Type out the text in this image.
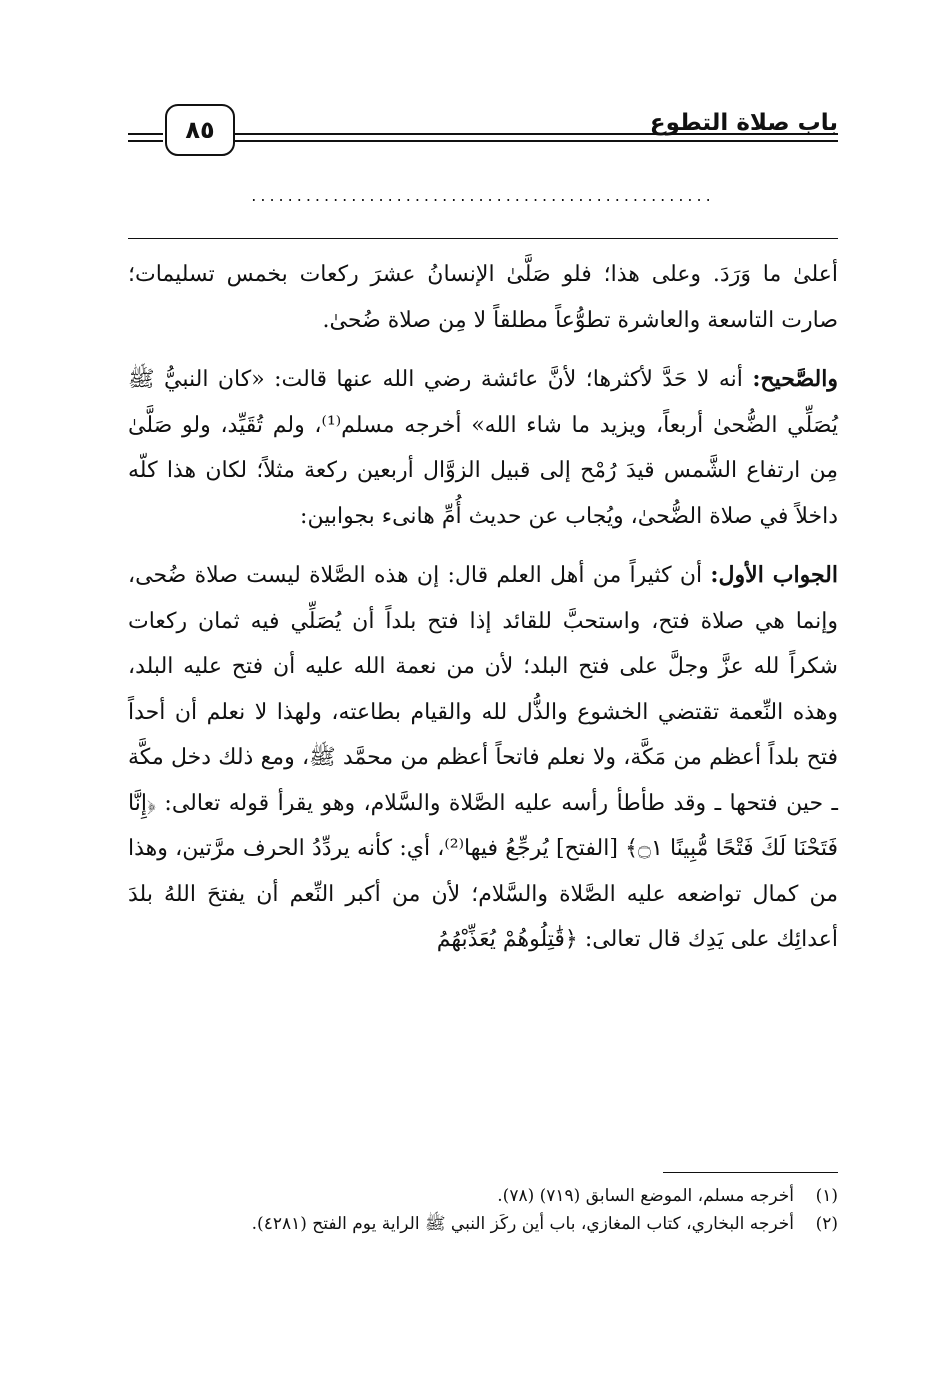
باب صلاة التطوع
٨٥
...................................................

أعلىٰ ما وَرَدَ. وعلى هذا؛ فلو صَلَّىٰ الإنسانُ عشرَ ركعات بخمس تسليمات؛ صارت التاسعة والعاشرة تطوُّعاً مطلقاً لا مِن صلاة ضُحىٰ.

والصَّحيح: أنه لا حَدَّ لأكثرها؛ لأنَّ عائشة رضي الله عنها قالت: «كان النبيُّ ﷺ يُصَلِّي الضُّحىٰ أربعاً، ويزيد ما شاء الله» أخرجه مسلم⁽¹⁾، ولم تُقَيِّد، ولو صَلَّىٰ مِن ارتفاع الشَّمس قيدَ رُمْح إلى قبيل الزوَّال أربعين ركعة مثلاً؛ لكان هذا كلّه داخلاً في صلاة الضُّحىٰ، ويُجاب عن حديث أُمِّ هانىء بجوابين:

الجواب الأول: أن كثيراً من أهل العلم قال: إن هذه الصَّلاة ليست صلاة ضُحى، وإنما هي صلاة فتح، واستحبَّ للقائد إذا فتح بلداً أن يُصَلِّي فيه ثمان ركعات شكراً لله عزَّ وجلَّ على فتح البلد؛ لأن من نعمة الله عليه أن فتح عليه البلد، وهذه النِّعمة تقتضي الخشوع والذُّل لله والقيام بطاعته، ولهذا لا نعلم أن أحداً فتح بلداً أعظم من مَكَّة، ولا نعلم فاتحاً أعظم من محمَّد ﷺ، ومع ذلك دخل مكَّة ـ حين فتحها ـ وقد طأطأ رأسه عليه الصَّلاة والسَّلام، وهو يقرأ قوله تعالى: ﴿إِنَّا فَتَحْنَا لَكَ فَتْحًا مُّبِينًا ۝١﴾ [الفتح] يُرجِّعُ فيها⁽²⁾، أي: كأنه يردِّدُ الحرف مرَّتين، وهذا من كمال تواضعه عليه الصَّلاة والسَّلام؛ لأن من أكبر النِّعم أن يفتحَ اللهُ بلدَ أعدائِك على يَدِك قال تعالى: ﴿قَٰتِلُوهُمْ يُعَذِّبْهُمُ

(١)
أخرجه مسلم، الموضع السابق (٧١٩) (٧٨).
(٢)
أخرجه البخاري، كتاب المغازي، باب أين ركَز النبي ﷺ الراية يوم الفتح (٤٢٨١).
